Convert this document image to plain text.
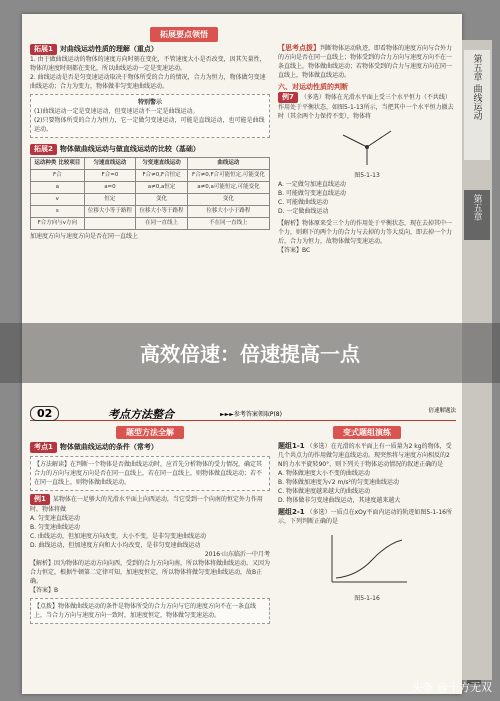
拓展要点领悟
拓展1 对曲线运动性质的理解（重点）
1. 由于做曲线运动的物体的速度方向时刻在变化，不管速度大小是否改变，因其矢量性，物体的速度时刻都在变化，所以曲线运动一定是变速运动。
2. 曲线运动是否是匀变速运动取决于物体所受的合力的情况，合力为恒力，物体做匀变速曲线运动；合力为变力，物体做非匀变速曲线运动。
特别警示
(1)曲线运动一定是变速运动，但变速运动不一定是曲线运动。
(2)只要物体所受的合力为恒力，它一定做匀变速运动，可能是直线运动，也可能是曲线运动。
拓展2 物体做曲线运动与做直线运动的比较（基础）
运动种类 比较项目	匀速直线运动	匀变速直线运动	曲线运动
F合	F合=0	F合≠0,F合恒定	F合≠0,F合可能恒定,可能变化
a	a=0	a≠0,a恒定	a≠0,a可能恒定,可能变化
v	恒定	变化	变化
s	位移大小等于路程	位移大小等于路程	位移大小小于路程
F合方向与v方向		在同一直线上	不在同一直线上
加速度方向与速度方向是否在同一直线上
【思考点拨】判断物体运动轨迹，即看物体的速度方向与合外力的方向是否在同一直线上；物体受到的合力方向与速度方向不在一条直线上，物体做曲线运动；若物体受到的合力与速度方向在同一直线上，物体做直线运动。
六、对运动性质的判断
例7 （多选）物体在光滑水平面上受三个水平恒力（不共线）作用处于平衡状态，如图5-1-13所示，当把其中一个水平恒力撤去时（其余两个力保持不变），物体将
图5-1-13
A. 一定做匀加速直线运动
B. 可能做匀变速直线运动
C. 可能做曲线运动
D. 一定做曲线运动
【解析】物体原来受三个力的作用处于平衡状态，现在去掉其中一个力，则剩下的两个力的合力与去掉的力等大反向，即去掉一个力后，合力为恒力，故物体做匀变速运动。
【答案】BC
02	考点方法整合	►►►参考答案领取P(8)	倍速解题法
题型方法全解
考点1 物体做曲线运动的条件（常考）
【方法解读】在判断一个物体是否做曲线运动时，应首先分析物体的受力情况，确定其合力的方向与速度方向是否在同一直线上，若在同一直线上，则物体做直线运动；若不在同一直线上，则物体做曲线运动。
例1 某物体在一足够大的光滑水平面上向西运动，当它受到一个向南的恒定外力作用时，物体将做
A. 匀变速直线运动
B. 匀变速曲线运动
C. 曲线运动，但加速度方向改变，大小不变，是非匀变速曲线运动
D. 曲线运动，但加速度方向和大小均改变，是非匀变速曲线运动
2016·山东临沂一中月考
【解析】因为物体的运动方向向西，受到的合力方向向南，所以物体将做曲线运动。又因为合力恒定，根据牛顿第二定律可知，加速度恒定，所以物体将做匀变速曲线运动，故B正确。
【答案】B
【点拨】物体做曲线运动的条件是物体所受的合力方向与它的速度方向不在一条直线上，当合力方向与速度方向一致时，加速度恒定，物体做匀变速运动。
变式题组演练
题组1-1 （多选）在光滑的水平面上有一质量为2 kg的物体，受几个共点力的作用做匀速直线运动。现突然将与速度方向相反的2 N的力水平旋转90°，则下列关于物体运动情况的叙述正确的是
A. 物体做速度大小不变的曲线运动
B. 物体做加速度为√2 m/s²的匀变速曲线运动
C. 物体做速度越来越大的曲线运动
D. 物体做非匀变速曲线运动，其速度越来越大
题组2-1 （多选）一质点在xOy平面内运动的轨迹如图5-1-16所示，下列判断正确的是
图5-1-16
第五章 曲线运动
第五章
高效倍速：倍速提高一点
头条 @十方无双
